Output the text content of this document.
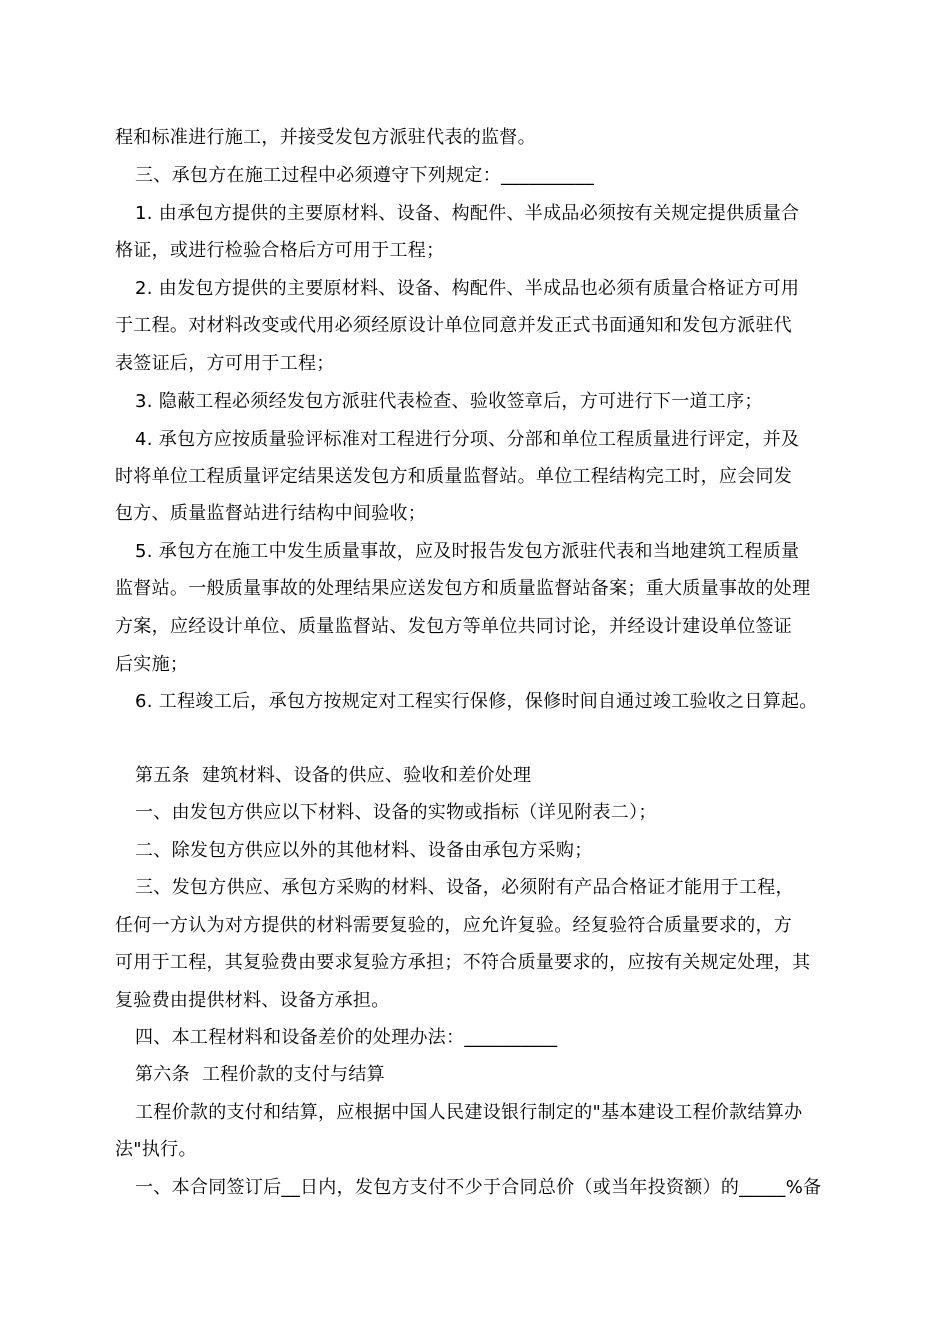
程和标准进行施工，并接受发包方派驻代表的监督。
三、承包方在施工过程中必须遵守下列规定：__________
1. 由承包方提供的主要原材料、设备、构配件、半成品必须按有关规定提供质量合
格证，或进行检验合格后方可用于工程；
2. 由发包方提供的主要原材料、设备、构配件、半成品也必须有质量合格证方可用
于工程。对材料改变或代用必须经原设计单位同意并发正式书面通知和发包方派驻代
表签证后，方可用于工程；
3. 隐蔽工程必须经发包方派驻代表检查、验收签章后，方可进行下一道工序；
4. 承包方应按质量验评标准对工程进行分项、分部和单位工程质量进行评定，并及
时将单位工程质量评定结果送发包方和质量监督站。单位工程结构完工时，应会同发
包方、质量监督站进行结构中间验收；
5. 承包方在施工中发生质量事故，应及时报告发包方派驻代表和当地建筑工程质量
监督站。一般质量事故的处理结果应送发包方和质量监督站备案；重大质量事故的处理
方案，应经设计单位、质量监督站、发包方等单位共同讨论，并经设计建设单位签证
后实施；
6. 工程竣工后，承包方按规定对工程实行保修，保修时间自通过竣工验收之日算起。
第五条  建筑材料、设备的供应、验收和差价处理
一、由发包方供应以下材料、设备的实物或指标（详见附表二）；
二、除发包方供应以外的其他材料、设备由承包方采购；
三、发包方供应、承包方采购的材料、设备，必须附有产品合格证才能用于工程，
任何一方认为对方提供的材料需要复验的，应允许复验。经复验符合质量要求的，方
可用于工程，其复验费由要求复验方承担；不符合质量要求的，应按有关规定处理，其
复验费由提供材料、设备方承担。
四、本工程材料和设备差价的处理办法：__________
第六条  工程价款的支付与结算
工程价款的支付和结算，应根据中国人民建设银行制定的"基本建设工程价款结算办
法"执行。
一、本合同签订后__日内，发包方支付不少于合同总价（或当年投资额）的_____%备
